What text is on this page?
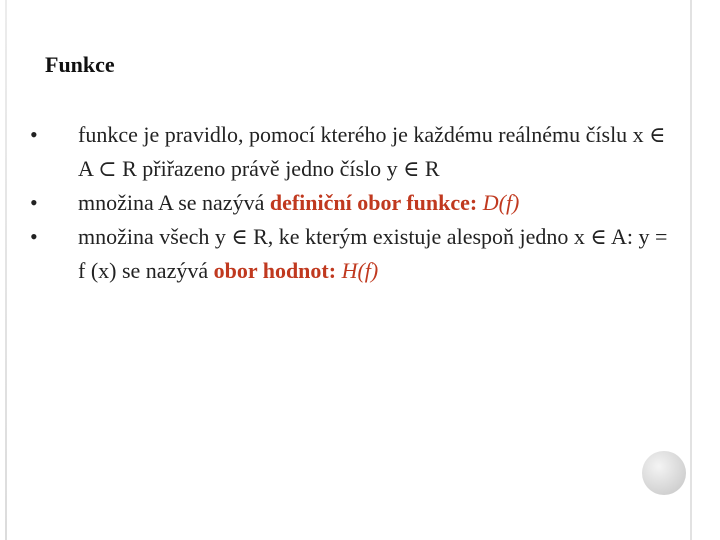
Funkce
•	funkce je pravidlo, pomocí kterého je každému reálnému číslu x ∈ A ⊂ R přiřazeno právě jedno číslo y ∈ R
•	množina A se nazývá definiční obor funkce: D(f)
•	množina všech y ∈ R, ke kterým existuje alespoň jedno x ∈ A: y = f (x) se nazývá obor hodnot: H(f)
